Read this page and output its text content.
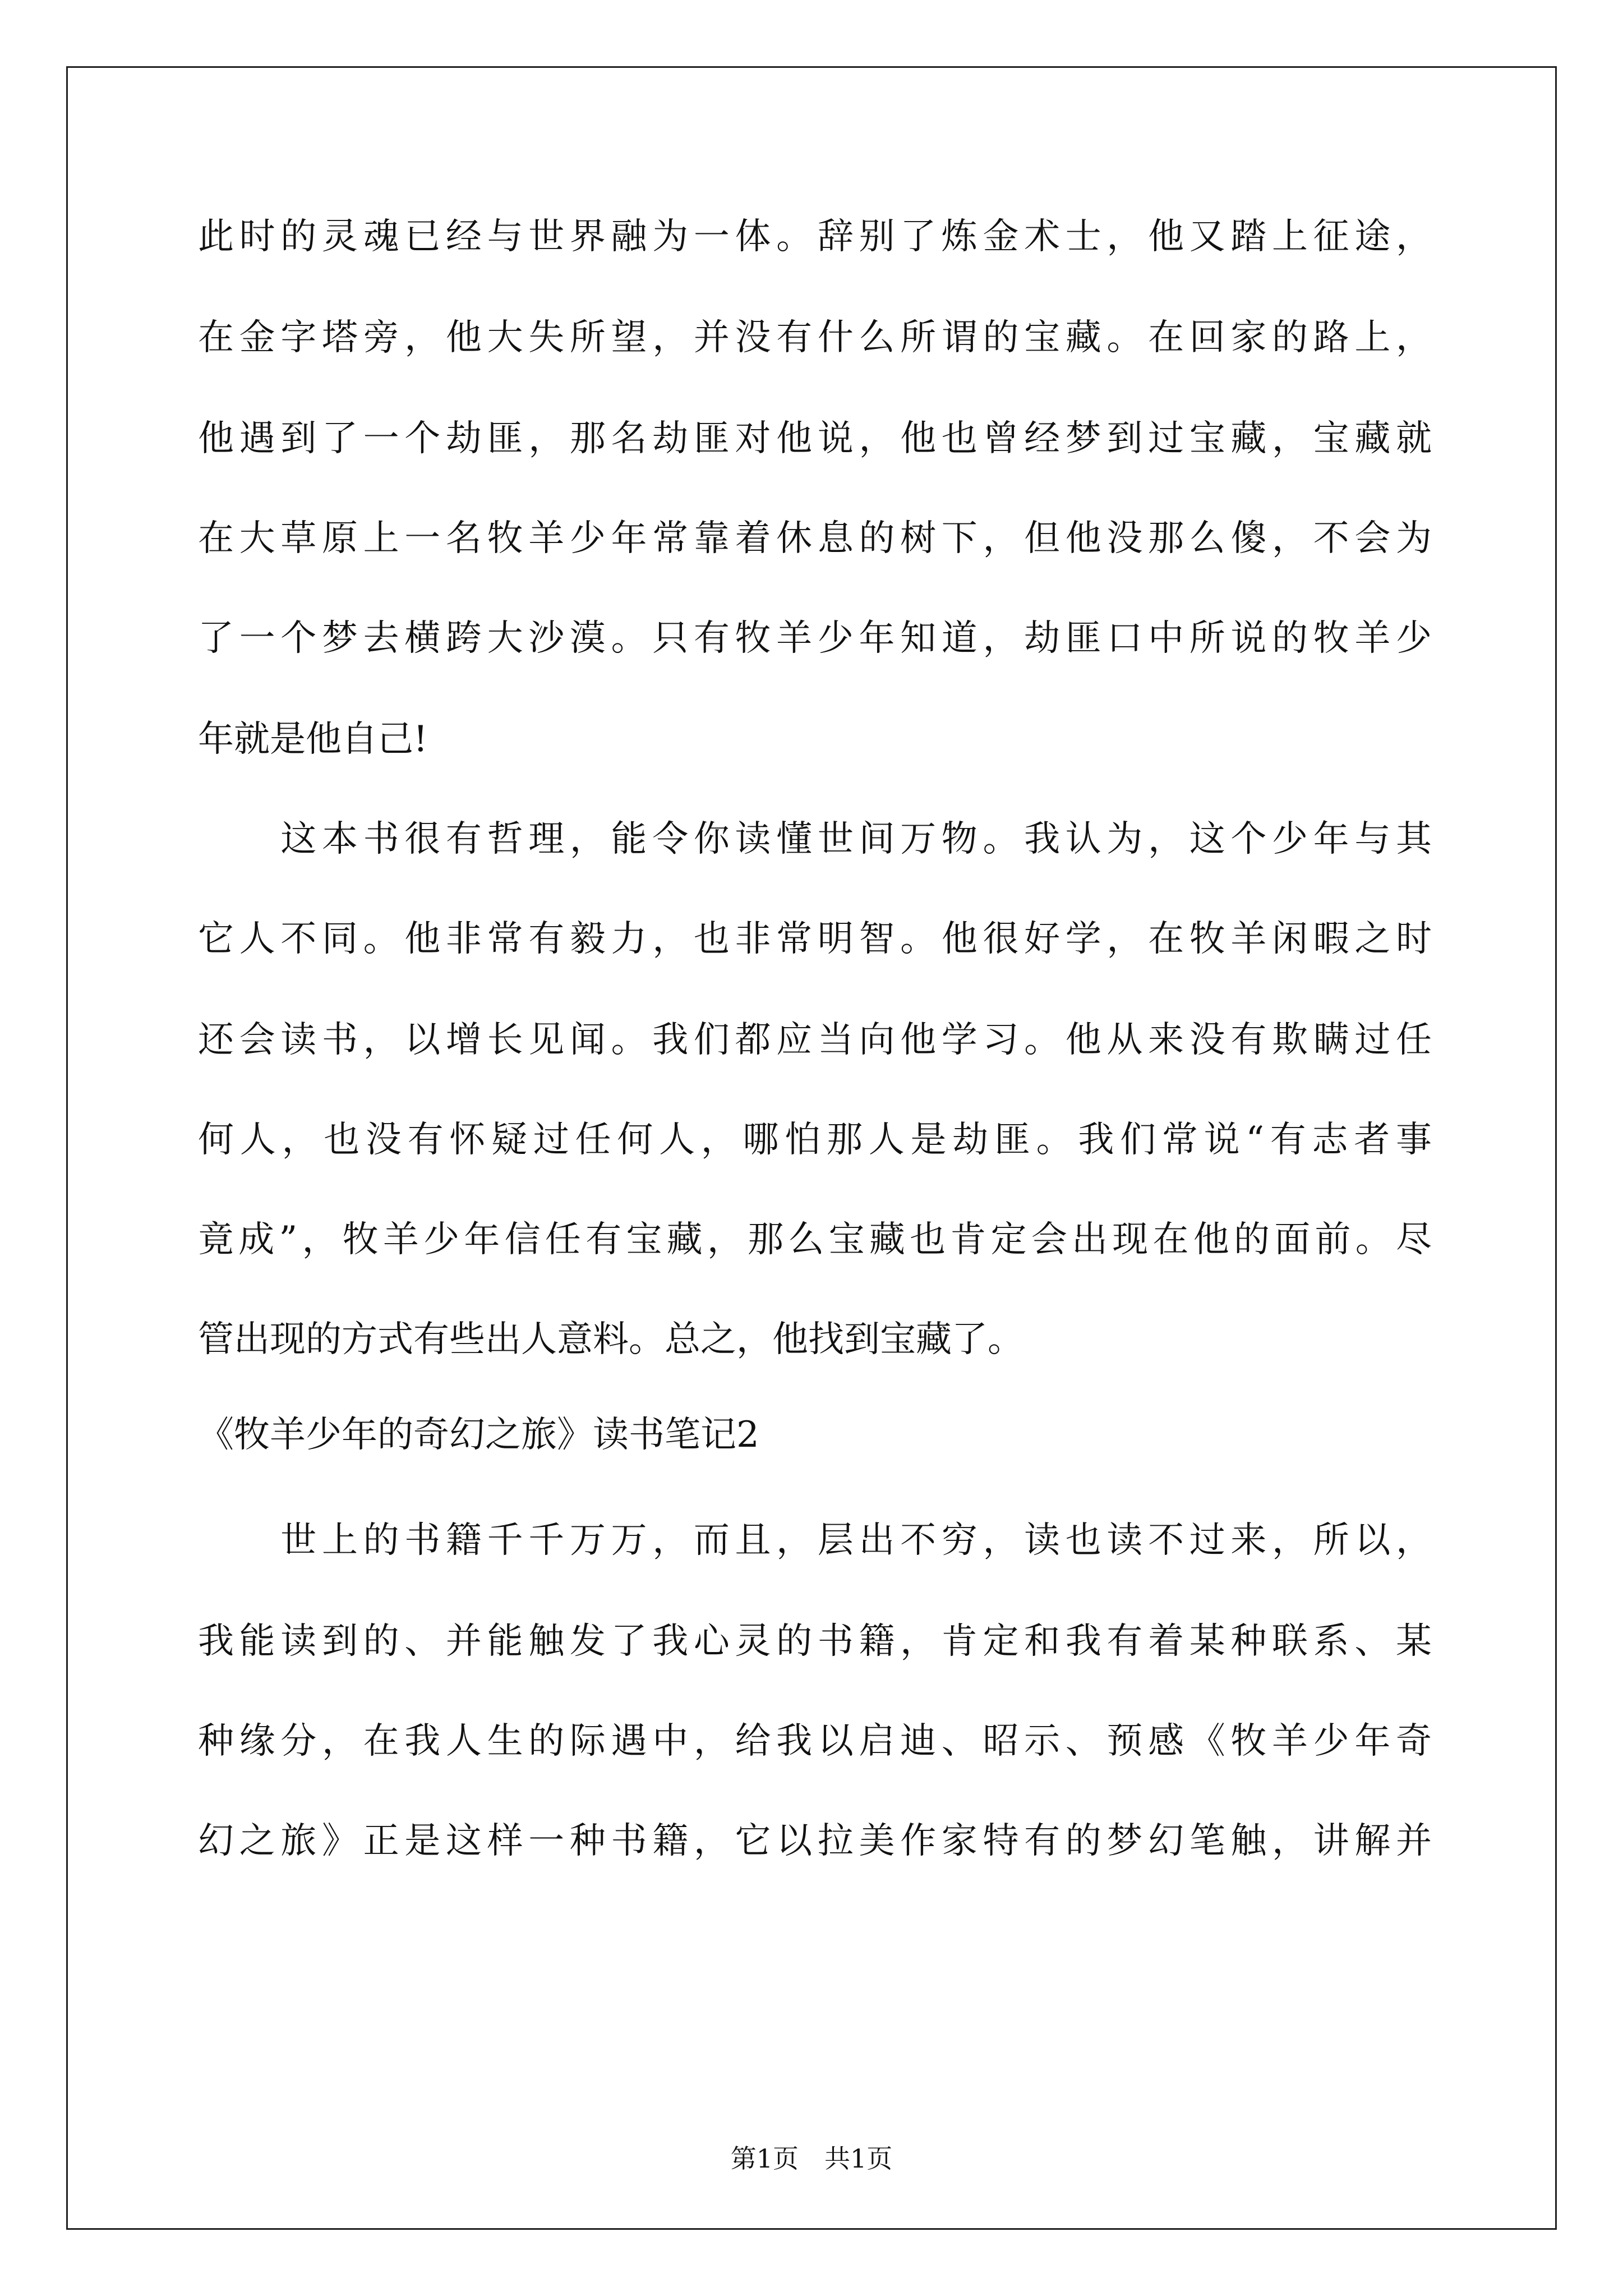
此时的灵魂已经与世界融为一体。辞别了炼金术士，他又踏上征途，
在金字塔旁，他大失所望，并没有什么所谓的宝藏。在回家的路上，
他遇到了一个劫匪，那名劫匪对他说，他也曾经梦到过宝藏，宝藏就
在大草原上一名牧羊少年常靠着休息的树下，但他没那么傻，不会为
了一个梦去横跨大沙漠。只有牧羊少年知道，劫匪口中所说的牧羊少
年就是他自己!
　　这本书很有哲理，能令你读懂世间万物。我认为，这个少年与其
它人不同。他非常有毅力，也非常明智。他很好学，在牧羊闲暇之时
还会读书，以增长见闻。我们都应当向他学习。他从来没有欺瞒过任
何人，也没有怀疑过任何人，哪怕那人是劫匪。我们常说“有志者事
竟成”，牧羊少年信任有宝藏，那么宝藏也肯定会出现在他的面前。尽
管出现的方式有些出人意料。总之，他找到宝藏了。
《牧羊少年的奇幻之旅》读书笔记2
　　世上的书籍千千万万，而且，层出不穷，读也读不过来，所以，
我能读到的、并能触发了我心灵的书籍，肯定和我有着某种联系、某
种缘分，在我人生的际遇中，给我以启迪、昭示、预感《牧羊少年奇
幻之旅》正是这样一种书籍，它以拉美作家特有的梦幻笔触，讲解并
第1页　共1页
